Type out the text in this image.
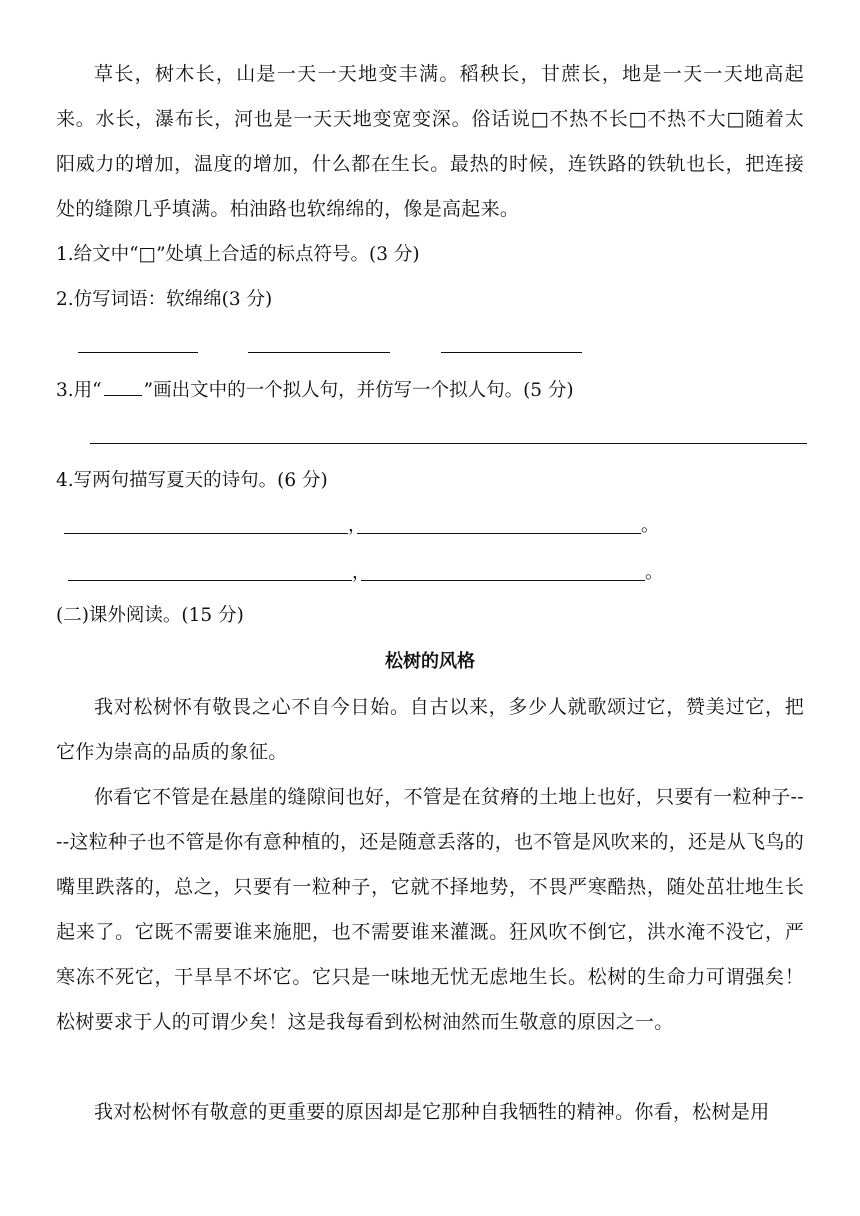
草长，树木长，山是一天一天地变丰满。稻秧长，甘蔗长，地是一天一天地高起来。水长，瀑布长，河也是一天天地变宽变深。俗话说□不热不长□不热不大□随着太阳威力的增加，温度的增加，什么都在生长。最热的时候，连铁路的铁轨也长，把连接处的缝隙几乎填满。柏油路也软绵绵的，像是高起来。

1.给文中“□”处填上合适的标点符号。(3 分)

2.仿写词语：软绵绵(3 分)

3.用“ ”画出文中的一个拟人句，并仿写一个拟人句。(5 分)

4.写两句描写夏天的诗句。(6 分)

，	。
，	。

(二)课外阅读。(15 分)

松树的风格

我对松树怀有敬畏之心不自今日始。自古以来，多少人就歌颂过它，赞美过它，把它作为崇高的品质的象征。

你看它不管是在悬崖的缝隙间也好，不管是在贫瘠的土地上也好，只要有一粒种子----这粒种子也不管是你有意种植的，还是随意丢落的，也不管是风吹来的，还是从飞鸟的嘴里跌落的，总之，只要有一粒种子，它就不择地势，不畏严寒酷热，随处茁壮地生长起来了。它既不需要谁来施肥，也不需要谁来灌溉。狂风吹不倒它，洪水淹不没它，严寒冻不死它，干旱旱不坏它。它只是一味地无忧无虑地生长。松树的生命力可谓强矣！松树要求于人的可谓少矣！这是我每看到松树油然而生敬意的原因之一。

我对松树怀有敬意的更重要的原因却是它那种自我牺牲的精神。你看，松树是用
